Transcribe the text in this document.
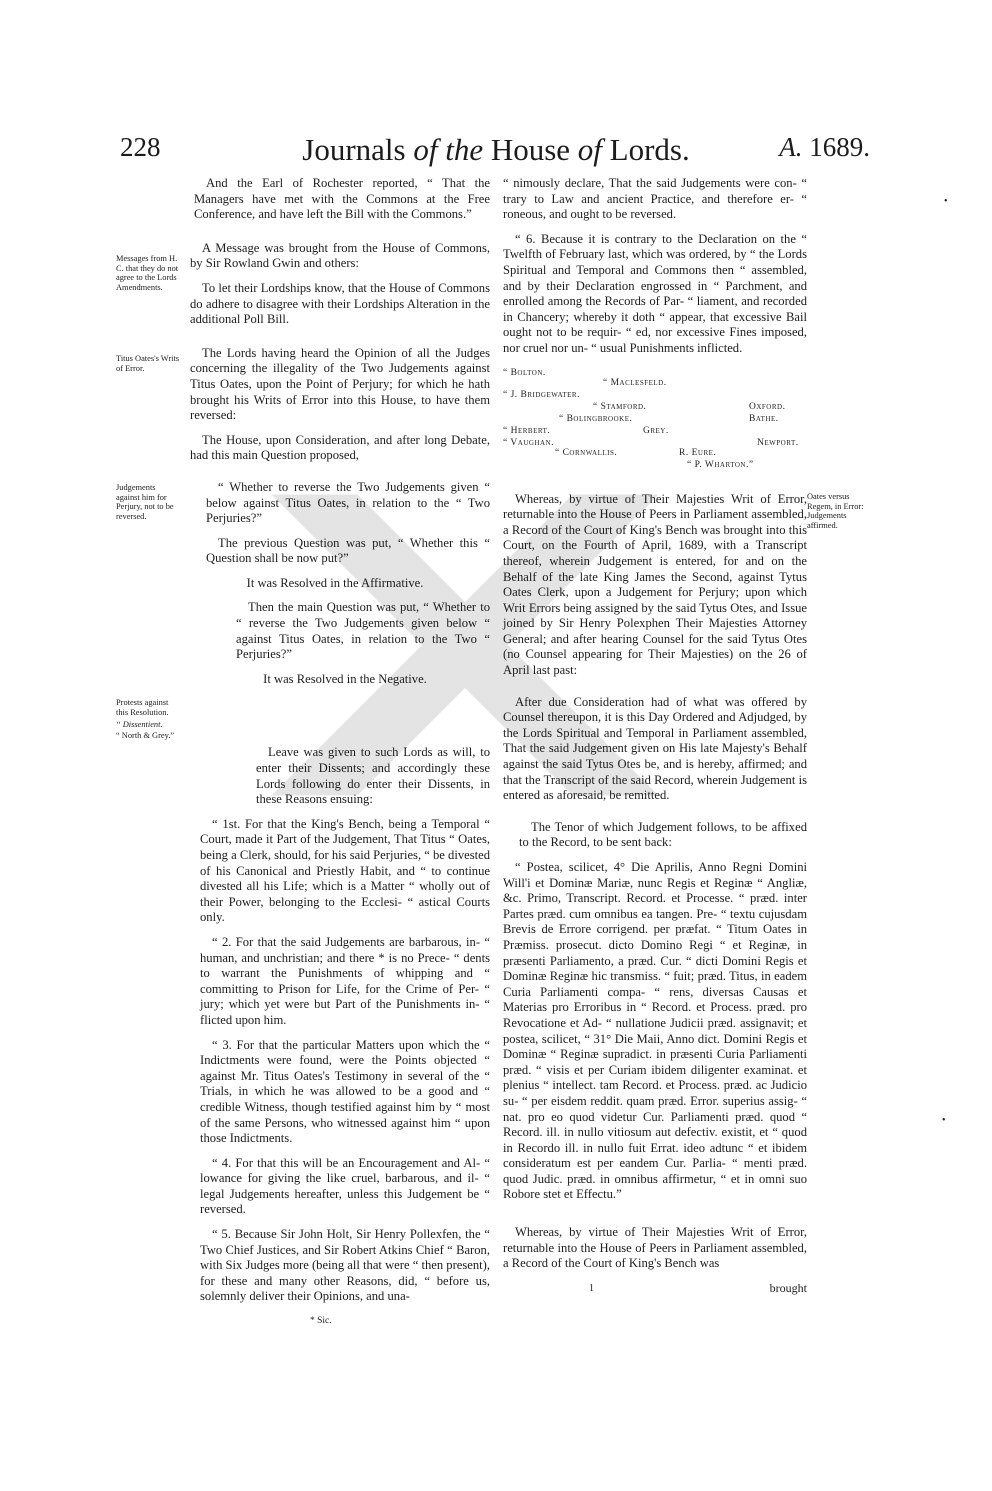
228	Journals of the House of Lords.	A. 1689.
Messages from H. C. that they do not agree to the Lords Amendments.
Titus Oates's Writs of Error.
Judgements against him for Perjury, not to be reversed.
Protests against this Resolution.
“ Dissentient.
“ North & Grey.”
Oates versus Regem, in Error: Judgements affirmed.
•
•

And the Earl of Rochester reported, “ That the Managers have met with the Commons at the Free Conference, and have left the Bill with the Commons.”

A Message was brought from the House of Commons, by Sir Rowland Gwin and others:

To let their Lordships know, that the House of Commons do adhere to disagree with their Lordships Alteration in the additional Poll Bill.

The Lords having heard the Opinion of all the Judges concerning the illegality of the Two Judgements against Titus Oates, upon the Point of Perjury; for which he hath brought his Writs of Error into this House, to have them reversed:

The House, upon Consideration, and after long Debate, had this main Question proposed,

“ Whether to reverse the Two Judgements given “ below against Titus Oates, in relation to the “ Two Perjuries?”

The previous Question was put, “ Whether this “ Question shall be now put?”

It was Resolved in the Affirmative.

Then the main Question was put, “ Whether to “ reverse the Two Judgements given below “ against Titus Oates, in relation to the Two “ Perjuries?”

It was Resolved in the Negative.

Leave was given to such Lords as will, to enter their Dissents; and accordingly these Lords following do enter their Dissents, in these Reasons ensuing:

“ 1st. For that the King's Bench, being a Temporal “ Court, made it Part of the Judgement, That Titus “ Oates, being a Clerk, should, for his said Perjuries, “ be divested of his Canonical and Priestly Habit, and “ to continue divested all his Life; which is a Matter “ wholly out of their Power, belonging to the Ecclesi- “ astical Courts only.

“ 2. For that the said Judgements are barbarous, in- “ human, and unchristian; and there * is no Prece- “ dents to warrant the Punishments of whipping and “ committing to Prison for Life, for the Crime of Per- “ jury; which yet were but Part of the Punishments in- “ flicted upon him.

“ 3. For that the particular Matters upon which the “ Indictments were found, were the Points objected “ against Mr. Titus Oates's Testimony in several of the “ Trials, in which he was allowed to be a good and “ credible Witness, though testified against him by “ most of the same Persons, who witnessed against him “ upon those Indictments.

“ 4. For that this will be an Encouragement and Al- “ lowance for giving the like cruel, barbarous, and il- “ legal Judgements hereafter, unless this Judgement be “ reversed.

“ 5. Because Sir John Holt, Sir Henry Pollexfen, the “ Two Chief Justices, and Sir Robert Atkins Chief “ Baron, with Six Judges more (being all that were “ then present), for these and many other Reasons, did, “ before us, solemnly deliver their Opinions, and una-

* Sic.

“ nimously declare, That the said Judgements were con- “ trary to Law and ancient Practice, and therefore er- “ roneous, and ought to be reversed.

“ 6. Because it is contrary to the Declaration on the “ Twelfth of February last, which was ordered, by “ the Lords Spiritual and Temporal and Commons then “ assembled, and by their Declaration engrossed in “ Parchment, and enrolled among the Records of Par- “ liament, and recorded in Chancery; whereby it doth “ appear, that excessive Bail ought not to be requir- “ ed, nor excessive Fines imposed, nor cruel nor un- “ usual Punishments inflicted.

“ Bolton.
“ Maclesfeld.
“ J. Bridgewater.
“ Stamford.	Oxford.
“ Bolingbrooke.	Bathe.
“ Herbert.	Grey.
“ Vaughan.	Newport.
“ Cornwallis.	R. Eure.
“ P. Wharton.”

Whereas, by virtue of Their Majesties Writ of Error, returnable into the House of Peers in Parliament assembled, a Record of the Court of King's Bench was brought into this Court, on the Fourth of April, 1689, with a Transcript thereof, wherein Judgement is entered, for and on the Behalf of the late King James the Second, against Tytus Oates Clerk, upon a Judgement for Perjury; upon which Writ Errors being assigned by the said Tytus Otes, and Issue joined by Sir Henry Polexphen Their Majesties Attorney General; and after hearing Counsel for the said Tytus Otes (no Counsel appearing for Their Majesties) on the 26 of April last past:

After due Consideration had of what was offered by Counsel thereupon, it is this Day Ordered and Adjudged, by the Lords Spiritual and Temporal in Parliament assembled, That the said Judgement given on His late Majesty's Behalf against the said Tytus Otes be, and is hereby, affirmed; and that the Transcript of the said Record, wherein Judgement is entered as aforesaid, be remitted.

The Tenor of which Judgement follows, to be affixed to the Record, to be sent back:

“ Postea, scilicet, 4° Die Aprilis, Anno Regni Domini Will'i et Dominæ Mariæ, nunc Regis et Reginæ “ Angliæ, &c. Primo, Transcript. Record. et Processe. “ præd. inter Partes præd. cum omnibus ea tangen. Pre- “ textu cujusdam Brevis de Errore corrigend. per præfat. “ Titum Oates in Præmiss. prosecut. dicto Domino Regi “ et Reginæ, in præsenti Parliamento, a præd. Cur. “ dicti Domini Regis et Dominæ Reginæ hic transmiss. “ fuit; præd. Titus, in eadem Curia Parliamenti compa- “ rens, diversas Causas et Materias pro Erroribus in “ Record. et Process. præd. pro Revocatione et Ad- “ nullatione Judicii præd. assignavit; et postea, scilicet, “ 31° Die Maii, Anno dict. Domini Regis et Dominæ “ Reginæ supradict. in præsenti Curia Parliamenti præd. “ visis et per Curiam ibidem diligenter examinat. et plenius “ intellect. tam Record. et Process. præd. ac Judicio su- “ per eisdem reddit. quam præd. Error. superius assig- “ nat. pro eo quod videtur Cur. Parliamenti præd. quod “ Record. ill. in nullo vitiosum aut defectiv. existit, et “ quod in Recordo ill. in nullo fuit Errat. ideo adtunc “ et ibidem consideratum est per eandem Cur. Parlia- “ menti præd. quod Judic. præd. in omnibus affirmetur, “ et in omni suo Robore stet et Effectu.”

Whereas, by virtue of Their Majesties Writ of Error, returnable into the House of Peers in Parliament assembled, a Record of the Court of King's Bench was

1	brought
